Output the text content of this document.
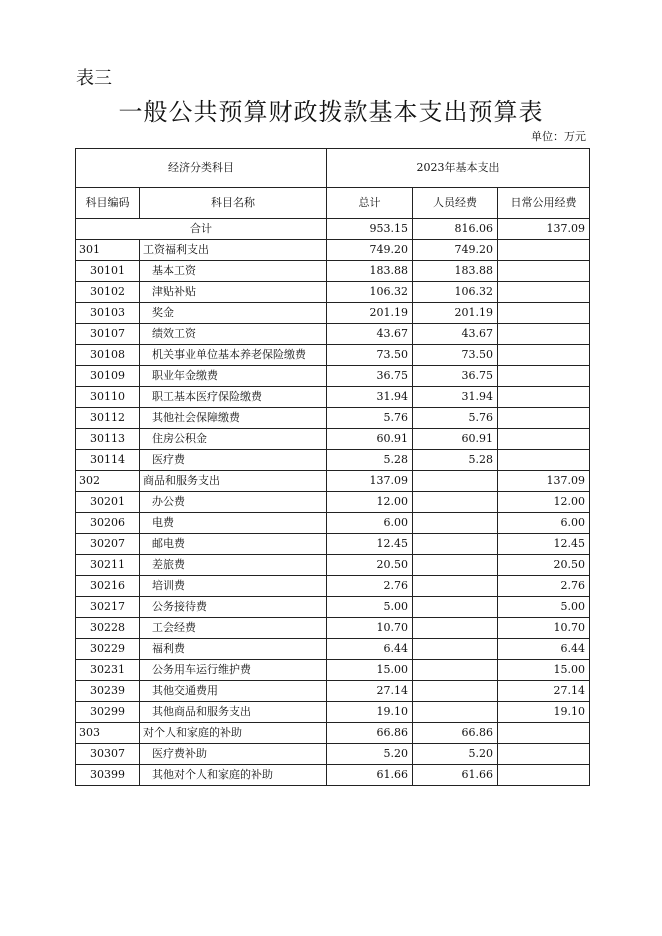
表三
一般公共预算财政拨款基本支出预算表
单位：万元
经济分类科目		2023年基本支出		
科目编码	科目名称	总计	人员经费	日常公用经费
合计		953.15	816.06	137.09
301	工资福利支出	749.20	749.20	
30101	基本工资	183.88	183.88	
30102	津贴补贴	106.32	106.32	
30103	奖金	201.19	201.19	
30107	绩效工资	43.67	43.67	
30108	机关事业单位基本养老保险缴费	73.50	73.50	
30109	职业年金缴费	36.75	36.75	
30110	职工基本医疗保险缴费	31.94	31.94	
30112	其他社会保障缴费	5.76	5.76	
30113	住房公积金	60.91	60.91	
30114	医疗费	5.28	5.28	
302	商品和服务支出	137.09		137.09
30201	办公费	12.00		12.00
30206	电费	6.00		6.00
30207	邮电费	12.45		12.45
30211	差旅费	20.50		20.50
30216	培训费	2.76		2.76
30217	公务接待费	5.00		5.00
30228	工会经费	10.70		10.70
30229	福利费	6.44		6.44
30231	公务用车运行维护费	15.00		15.00
30239	其他交通费用	27.14		27.14
30299	其他商品和服务支出	19.10		19.10
303	对个人和家庭的补助	66.86	66.86	
30307	医疗费补助	5.20	5.20	
30399	其他对个人和家庭的补助	61.66	61.66	
